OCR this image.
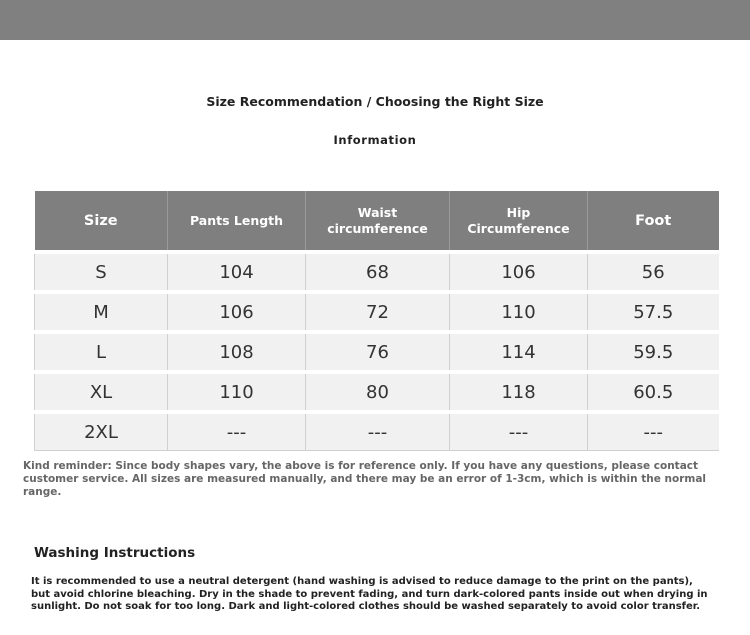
Size Recommendation / Choosing the Right Size
Information
Size	Pants Length	Waist circumference	Hip Circumference	Foot
S	104	68	106	56
M	106	72	110	57.5
L	108	76	114	59.5
XL	110	80	118	60.5
2XL	---	---	---	---
Kind reminder: Since body shapes vary, the above is for reference only. If you have any questions, please contact customer service. All sizes are measured manually, and there may be an error of 1-3cm, which is within the normal range.
Washing Instructions
It is recommended to use a neutral detergent (hand washing is advised to reduce damage to the print on the pants), but avoid chlorine bleaching. Dry in the shade to prevent fading, and turn dark-colored pants inside out when drying in sunlight. Do not soak for too long. Dark and light-colored clothes should be washed separately to avoid color transfer.
